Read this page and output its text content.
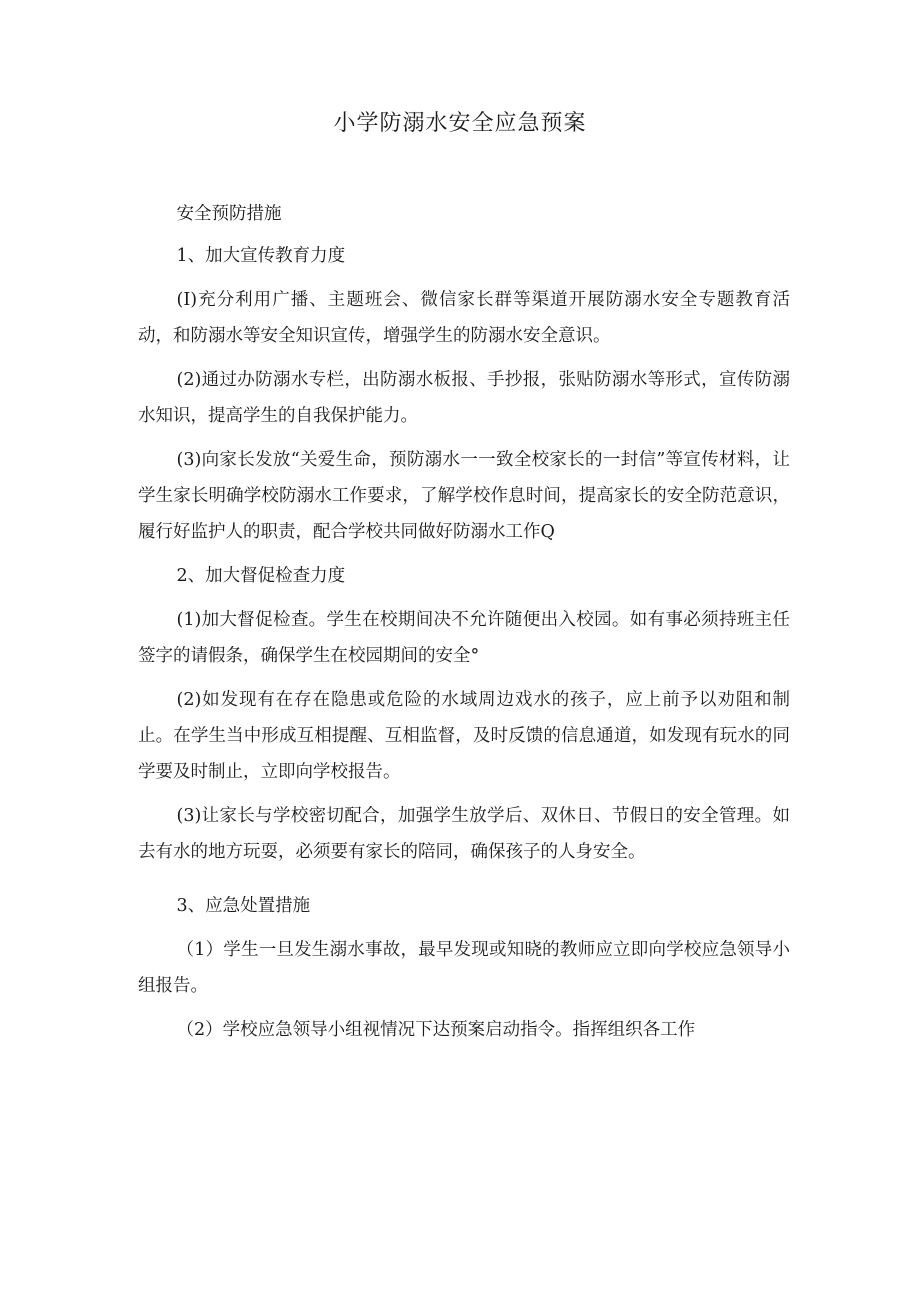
小学防溺水安全应急预案

安全预防措施

1、加大宣传教育力度

(I)充分利用广播、主题班会、微信家长群等渠道开展防溺水安全专题教育活动，和防溺水等安全知识宣传，增强学生的防溺水安全意识。

(2)通过办防溺水专栏，出防溺水板报、手抄报，张贴防溺水等形式，宣传防溺水知识，提高学生的自我保护能力。

(3)向家长发放“关爱生命，预防溺水一一致全校家长的一封信”等宣传材料，让学生家长明确学校防溺水工作要求，了解学校作息时间，提高家长的安全防范意识，履行好监护人的职责，配合学校共同做好防溺水工作Q

2、加大督促检查力度

(1)加大督促检查。学生在校期间决不允许随便出入校园。如有事必须持班主任签字的请假条，确保学生在校园期间的安全°

(2)如发现有在存在隐患或危险的水域周边戏水的孩子，应上前予以劝阻和制止。在学生当中形成互相提醒、互相监督，及时反馈的信息通道，如发现有玩水的同学要及时制止，立即向学校报告。

(3)让家长与学校密切配合，加强学生放学后、双休日、节假日的安全管理。如去有水的地方玩耍，必须要有家长的陪同，确保孩子的人身安全。

3、应急处置措施

（1）学生一旦发生溺水事故，最早发现或知晓的教师应立即向学校应急领导小组报告。

（2）学校应急领导小组视情况下达预案启动指令。指挥组织各工作
